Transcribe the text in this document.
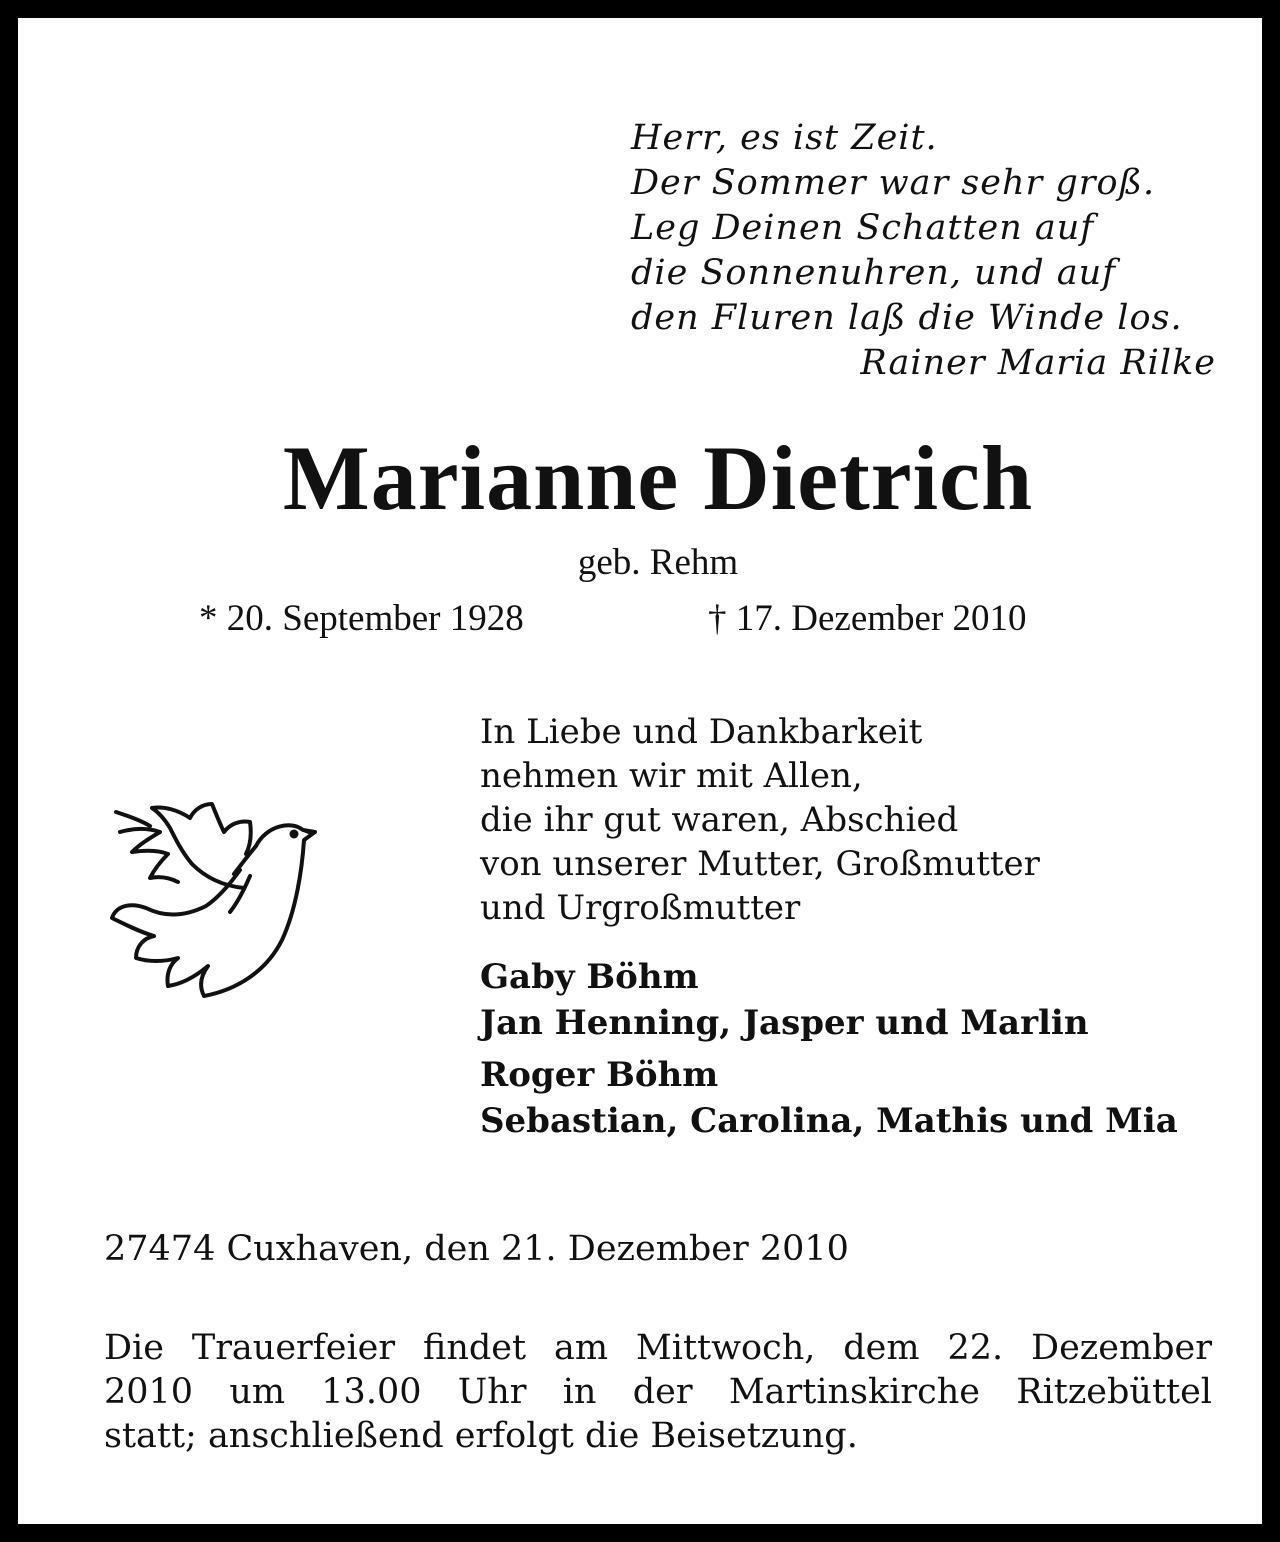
Herr, es ist Zeit.
Der Sommer war sehr groß.
Leg Deinen Schatten auf
die Sonnenuhren, und auf
den Fluren laß die Winde los.
Rainer Maria Rilke
Marianne Dietrich
geb. Rehm
* 20. September 1928	† 17. Dezember 2010
In Liebe und Dankbarkeit
nehmen wir mit Allen,
die ihr gut waren, Abschied
von unserer Mutter, Großmutter
und Urgroßmutter
Gaby Böhm
Jan Henning, Jasper und Marlin
Roger Böhm
Sebastian, Carolina, Mathis und Mia
27474 Cuxhaven, den 21. Dezember 2010
Die Trauerfeier findet am Mittwoch, dem 22. Dezember
2010 um 13.00 Uhr in der Martinskirche Ritzebüttel
statt; anschließend erfolgt die Beisetzung.
